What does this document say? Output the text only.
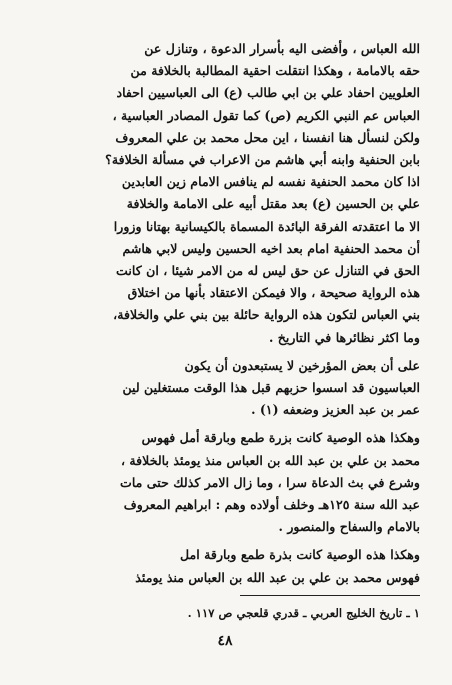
الله العباس ، وأفضى اليه بأسرار الدعوة ، وتنازل عن
حقه بالامامة ، وهكذا انتقلت احقية المطالبة بالخلافة من
العلويين احفاد علي بن ابي طالب (ع) الى العباسيين احفاد
العباس عم النبي الكريم (ص) كما تقول المصادر العباسية ،
ولكن لنسأل هنا انفسنا ، اين محل محمد بن علي المعروف
بابن الحنفية وابنه أبي هاشم من الاعراب في مسألة الخلافة؟
اذا كان محمد الحنفية نفسه لم ينافس الامام زين العابدين
علي بن الحسين (ع) بعد مقتل أبيه على الامامة والخلافة
الا ما اعتقدته الفرقة البائدة المسماة بالكيسانية بهتانا وزورا
أن محمد الحنفية امام بعد اخيه الحسين وليس لابي هاشم
الحق في التنازل عن حق ليس له من الامر شيئا ، ان كانت
هذه الرواية صحيحة ، والا فيمكن الاعتقاد بأنها من اختلاق
بني العباس لتكون هذه الرواية حائلة بين بني علي والخلافة،
وما اكثر نظائرها في التاريخ .
على أن بعض المؤرخين لا يستبعدون أن يكون
العباسيون قد اسسوا حزبهم قبل هذا الوقت مستغلين لين
عمر بن عبد العزيز وضعفه (١) .
وهكذا هذه الوصية كانت بزرة طمع وبارقة أمل فهوس
محمد بن علي بن عبد الله بن العباس منذ يومئذ بالخلافة ،
وشرع في بث الدعاة سرا ، وما زال الامر كذلك حتى مات
عبد الله سنة ١٢٥هـ وخلف أولاده وهم : ابراهيم المعروف
بالامام والسفاح والمنصور .
وهكذا هذه الوصية كانت بذرة طمع وبارقة امل
فهوس محمد بن علي بن عبد الله بن العباس منذ يومئذ
١ ـ تاريخ الخليج العربي ـ قدري قلعجي ص ١١٧ .
٤٨
